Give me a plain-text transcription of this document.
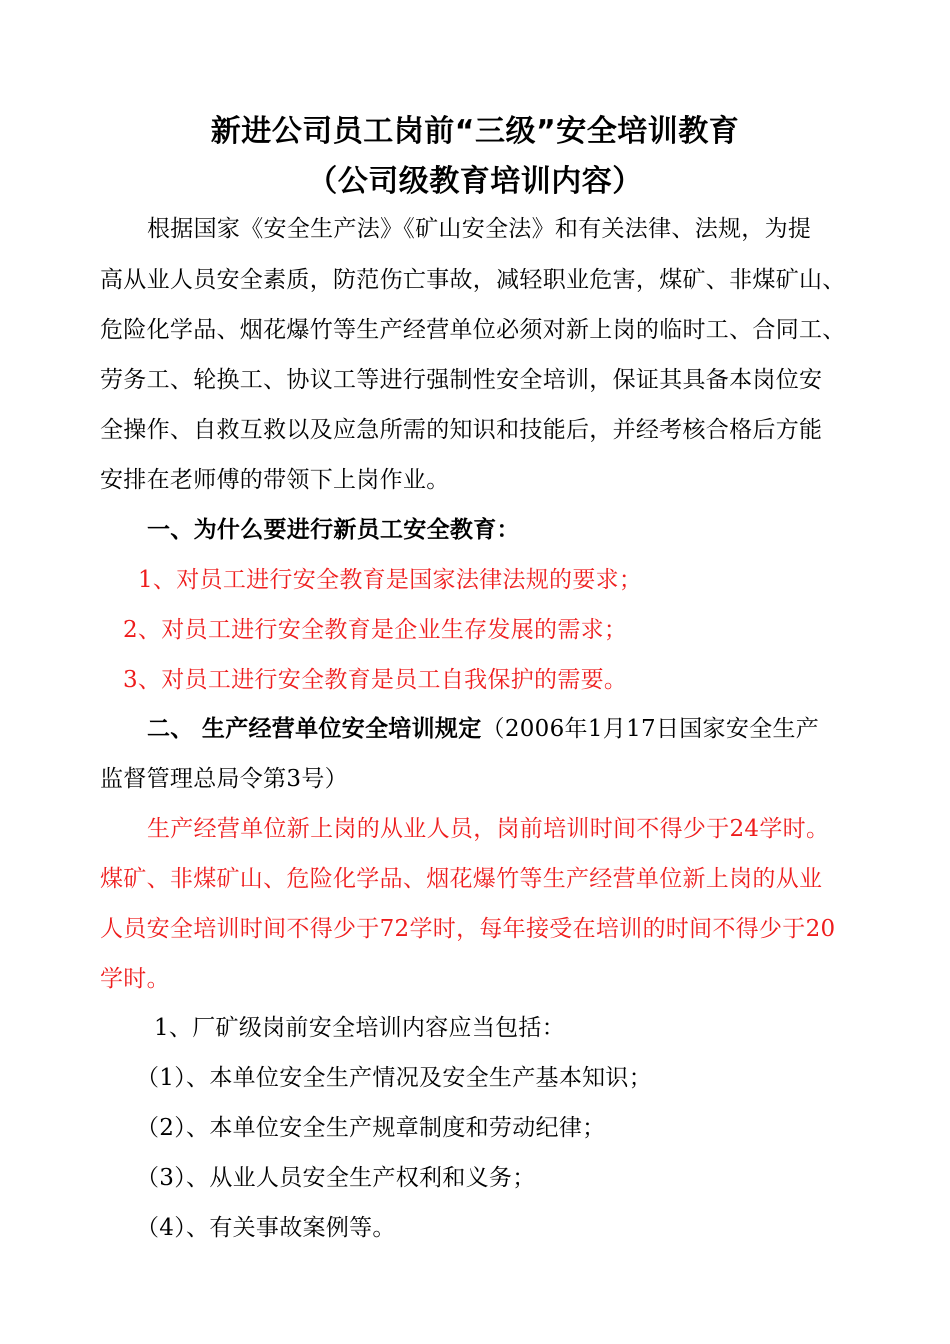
新进公司员工岗前“三级”安全培训教育
（公司级教育培训内容）
根据国家《安全生产法》《矿山安全法》和有关法律、法规，为提
高从业人员安全素质，防范伤亡事故，减轻职业危害，煤矿、非煤矿山、
危险化学品、烟花爆竹等生产经营单位必须对新上岗的临时工、合同工、
劳务工、轮换工、协议工等进行强制性安全培训，保证其具备本岗位安
全操作、自救互救以及应急所需的知识和技能后，并经考核合格后方能
安排在老师傅的带领下上岗作业。
一、为什么要进行新员工安全教育：
1、对员工进行安全教育是国家法律法规的要求；
2、对员工进行安全教育是企业生存发展的需求；
3、对员工进行安全教育是员工自我保护的需要。
二、 生产经营单位安全培训规定（2006年1月17日国家安全生产
监督管理总局令第3号）
生产经营单位新上岗的从业人员，岗前培训时间不得少于24学时。
煤矿、非煤矿山、危险化学品、烟花爆竹等生产经营单位新上岗的从业
人员安全培训时间不得少于72学时，每年接受在培训的时间不得少于20
学时。
1、厂矿级岗前安全培训内容应当包括：
（1）、本单位安全生产情况及安全生产基本知识；
（2）、本单位安全生产规章制度和劳动纪律；
（3）、从业人员安全生产权利和义务；
（4）、有关事故案例等。
